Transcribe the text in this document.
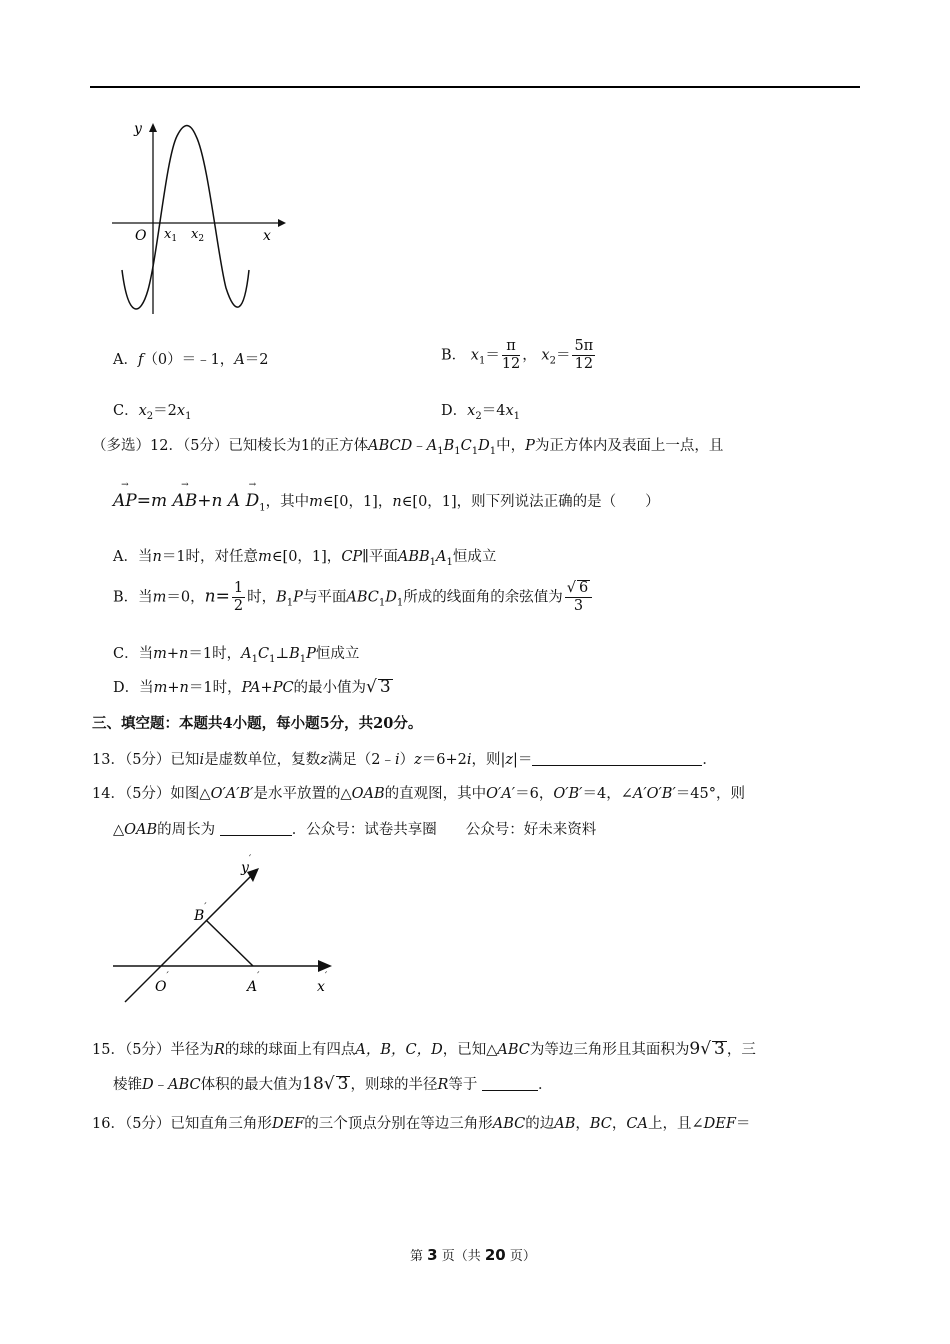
y
O $x_1$ $x_2$	x
A．f（0）＝﹣1，A＝2	B． $x_1= \frac{\pi}{12}$ ， $x_2= \frac{5\pi}{12}$
C．$x_2=2x_1$	D．$x_2=4x_1$
（多选）12．（5分）已知棱长为1的正方体$ABCD﹣A_1B_1C_1D_1$中，P为正方体内及表面上一点，且
→ AP=m → AB+n $A \to D_1$，其中m∈[0，1]，n∈[0，1]，则下列说法正确的是（　　）
A．当n＝1时，对任意m∈[0，1]，CP∥平面$ABB_1A_1$恒成立
B．当m＝0，$n= \frac{1}{2}$ 时，$B_1P$与平面$ABC_1D_1$所成的线面角的余弦值为 $\frac{√ 6}{3}$
C．当m+n＝1时，$A_1C_1\perp B_1P$恒成立
D．当m+n＝1时，PA+PC的最小值为√ 3
三、填空题：本题共4小题，每小题5分，共20分。
13．（5分）已知i是虚数单位，复数z满足（2﹣i）z＝6+2i，则|z|＝	．
14．（5分）如图△O′A′B′是水平放置的△OAB的直观图，其中O′A′＝6，O′B′＝4，∠A′O′B′＝45°，则
△OAB的周长为	．公众号：试卷共享圈　　公众号：好未来资料
y′
B′
O′
A′
x′
15．（5分）半径为R的球的球面上有四点A，B，C，D，已知△ABC为等边三角形且其面积为9√ 3 ，三
棱锥D﹣ABC体积的最大值为18√ 3 ，则球的半径R等于	．
16．（5分）已知直角三角形DEF的三个顶点分别在等边三角形ABC的边AB，BC，CA上，且∠DEF＝
第 3 页（共 20 页）
